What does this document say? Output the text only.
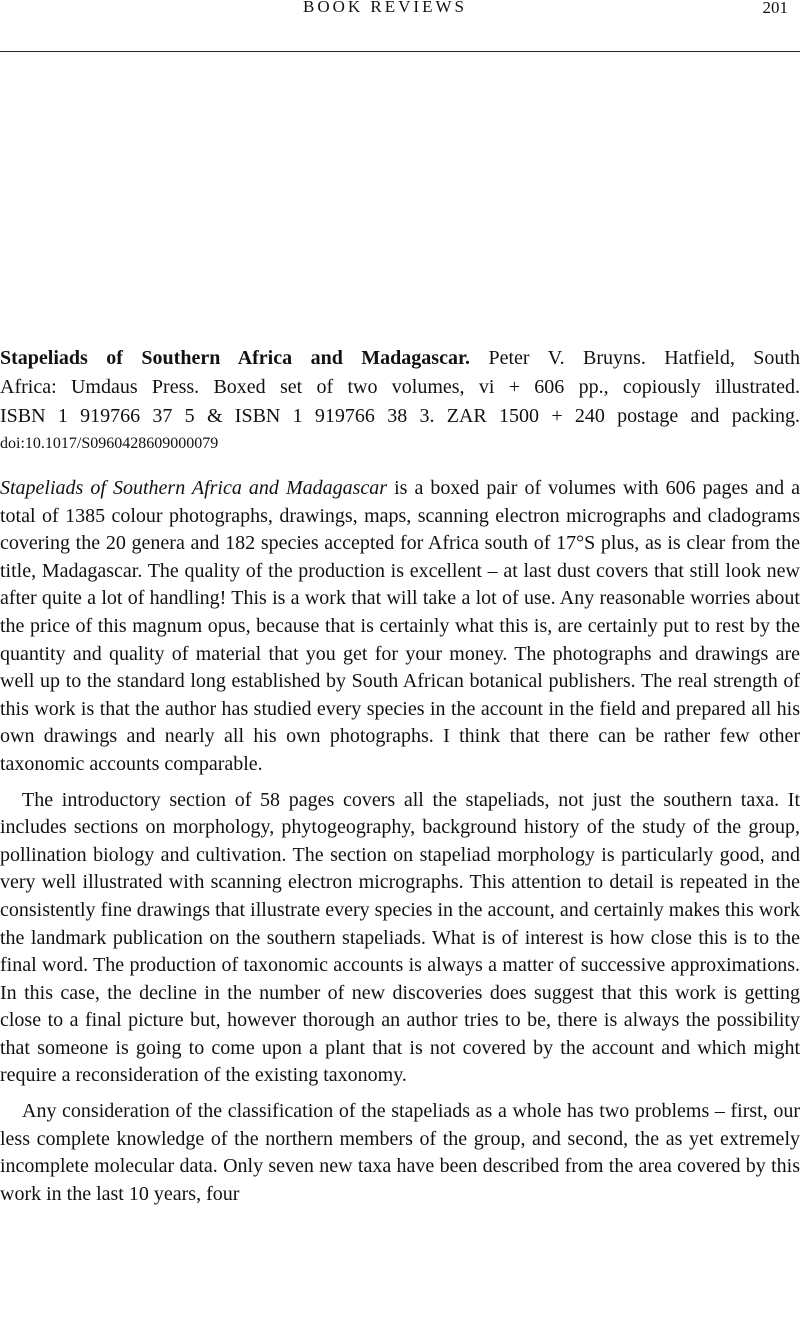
BOOK REVIEWS	201
Stapeliads of Southern Africa and Madagascar. Peter V. Bruyns. Hatfield, South
Africa: Umdaus Press. Boxed set of two volumes, vi + 606 pp., copiously illustrated.
ISBN 1 919766 37 5 & ISBN 1 919766 38 3. ZAR 1500 + 240 postage and packing.
doi:10.1017/S0960428609000079

Stapeliads of Southern Africa and Madagascar is a boxed pair of volumes with 606 pages and a total of 1385 colour photographs, drawings, maps, scanning electron micrographs and cladograms covering the 20 genera and 182 species accepted for Africa south of 17°S plus, as is clear from the title, Madagascar. The quality of the production is excellent – at last dust covers that still look new after quite a lot of handling! This is a work that will take a lot of use. Any reasonable worries about the price of this magnum opus, because that is certainly what this is, are certainly put to rest by the quantity and quality of material that you get for your money. The photographs and drawings are well up to the standard long established by South African botanical publishers. The real strength of this work is that the author has studied every species in the account in the field and prepared all his own drawings and nearly all his own photographs. I think that there can be rather few other taxonomic accounts comparable.

The introductory section of 58 pages covers all the stapeliads, not just the southern taxa. It includes sections on morphology, phytogeography, background history of the study of the group, pollination biology and cultivation. The section on stapeliad morphology is particularly good, and very well illustrated with scanning electron micrographs. This attention to detail is repeated in the consistently fine drawings that illustrate every species in the account, and certainly makes this work the landmark publication on the southern stapeliads. What is of interest is how close this is to the final word. The production of taxonomic accounts is always a matter of successive approximations. In this case, the decline in the number of new discoveries does suggest that this work is getting close to a final picture but, however thorough an author tries to be, there is always the possibility that someone is going to come upon a plant that is not covered by the account and which might require a reconsideration of the existing taxonomy.

Any consideration of the classification of the stapeliads as a whole has two problems – first, our less complete knowledge of the northern members of the group, and second, the as yet extremely incomplete molecular data. Only seven new taxa have been described from the area covered by this work in the last 10 years, four
